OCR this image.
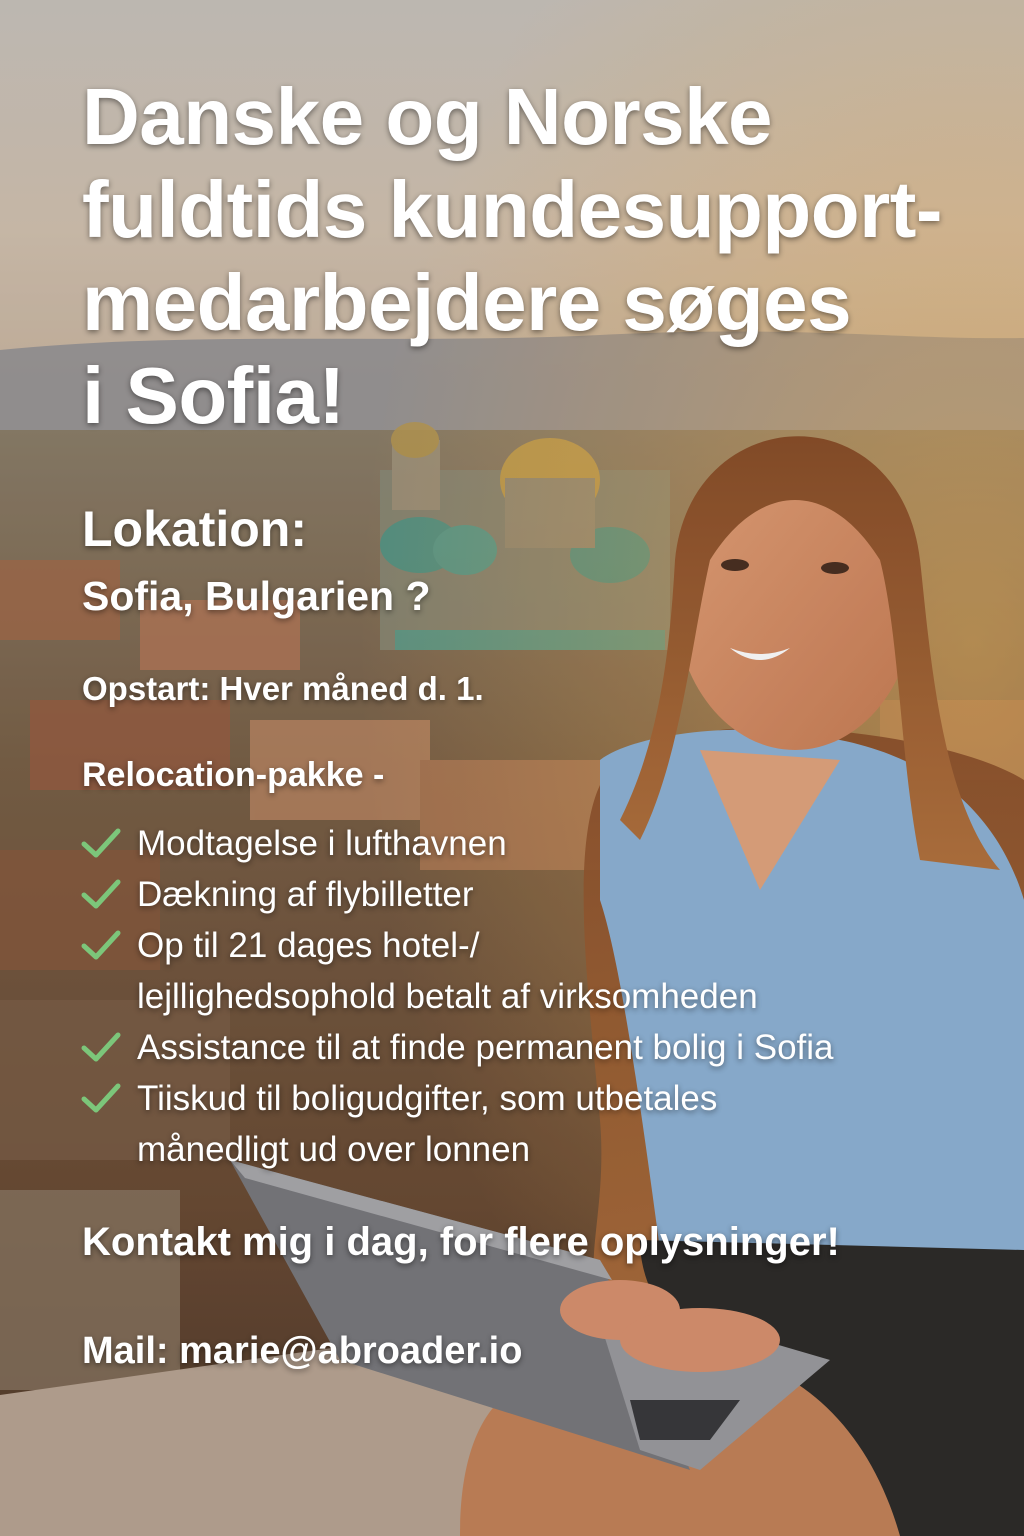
Danske og Norske
fuldtids kundesupport-
medarbejdere søges
i Sofia!

Lokation:

Sofia, Bulgarien ?

Opstart: Hver måned d. 1.

Relocation-pakke -

Modtagelse i lufthavnen
Dækning af flybilletter
Op til 21 dages hotel-/
lejllighedsophold betalt af virksomheden
Assistance til at finde permanent bolig i Sofia
Tiiskud til boligudgifter, som utbetales
månedligt ud over lonnen

Kontakt mig i dag, for flere oplysninger!

Mail: marie@abroader.io
